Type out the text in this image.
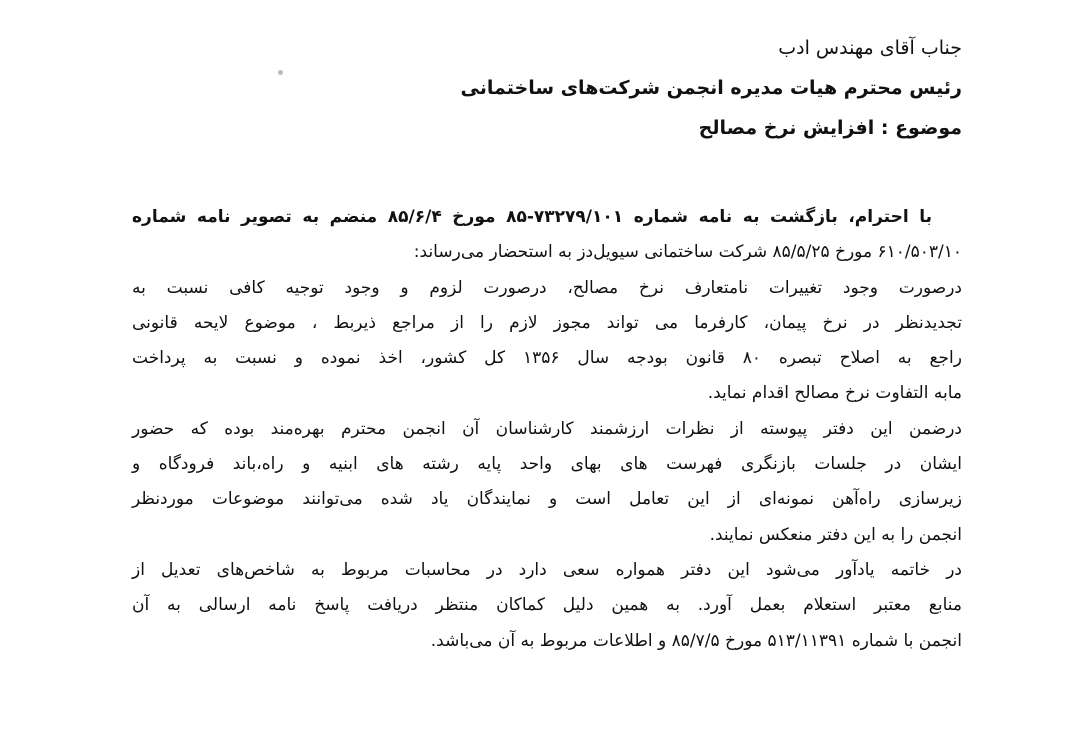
جناب آقای مهندس ادب

رئیس محترم هیات مدیره انجمن شرکت‌های ساختمانی

موضوع : افزایش نرخ مصالح

با احترام، بازگشت به نامه شماره ۷۳۲۷۹/۱۰۱-۸۵ مورخ ۸۵/۶/۴ منضم به تصویر نامه شماره

۶۱۰/۵۰۳/۱۰ مورخ ۸۵/۵/۲۵ شرکت ساختمانی سیویل‌دز به استحضار می‌رساند:

درصورت وجود تغییرات نامتعارف نرخ مصالح، درصورت لزوم و وجود توجیه کافی نسبت به

تجدیدنظر در نرخ پیمان، کارفرما می تواند مجوز لازم را از مراجع ذیربط ، موضوع لایحه قانونی

راجع به اصلاح تبصره ۸۰ قانون بودجه سال ۱۳۵۶ کل کشور، اخذ نموده و نسبت به پرداخت

مابه التفاوت نرخ مصالح اقدام نماید.

درضمن این دفتر پیوسته از نظرات ارزشمند کارشناسان آن انجمن محترم بهره‌مند بوده که حضور

ایشان در جلسات بازنگری فهرست های بهای واحد پایه رشته های ابنیه و راه،باند فرودگاه و

زیرسازی راه‌آهن نمونه‌ای از این تعامل است و نمایندگان یاد شده می‌توانند موضوعات موردنظر

انجمن را به این دفتر منعکس نمایند.

در خاتمه یادآور می‌شود این دفتر همواره سعی دارد در محاسبات مربوط به شاخص‌های تعدیل از

منابع معتبر استعلام بعمل آورد. به همین دلیل کماکان منتظر دریافت پاسخ نامه ارسالی به آن

انجمن با شماره ۵۱۳/۱۱۳۹۱ مورخ ۸۵/۷/۵ و اطلاعات مربوط به آن می‌باشد.
